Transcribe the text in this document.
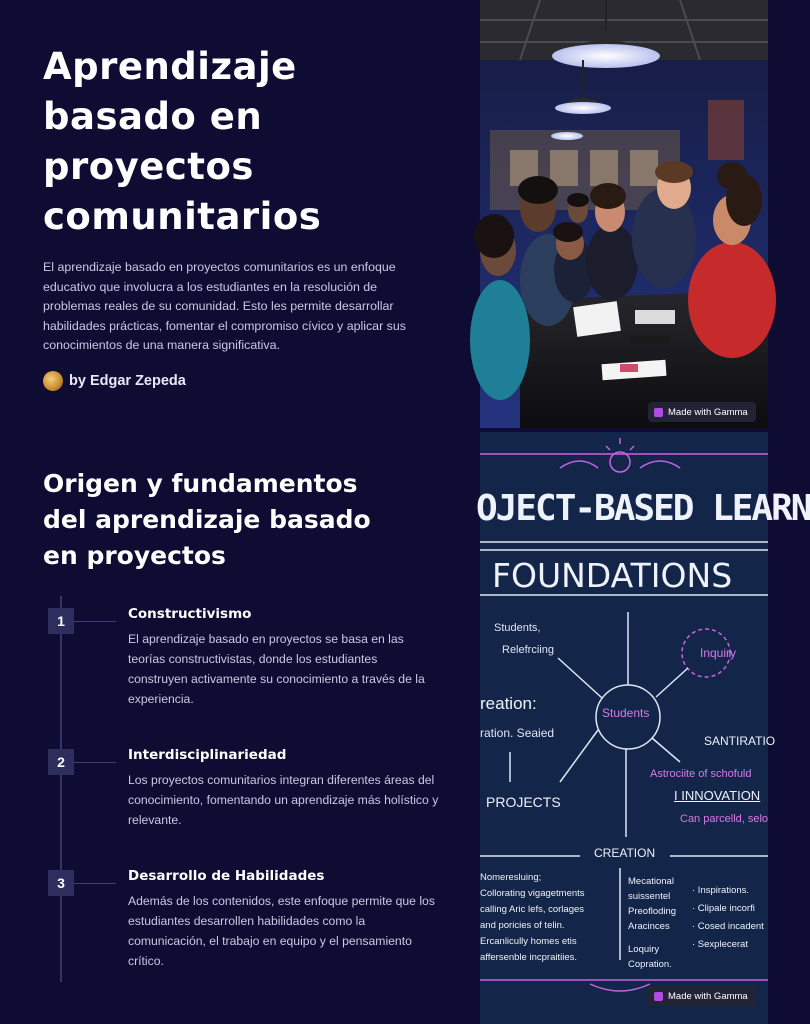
Aprendizaje
basado en
proyectos
comunitarios

El aprendizaje basado en proyectos comunitarios es un enfoque educativo que involucra a los estudiantes en la resolución de problemas reales de su comunidad. Esto les permite desarrollar habilidades prácticas, fomentar el compromiso cívico y aplicar sus conocimientos de una manera significativa.

by Edgar Zepeda
Origen y fundamentos
del aprendizaje basado
en proyectos
1	Constructivismo
El aprendizaje basado en proyectos se basa en las teorías constructivistas, donde los estudiantes construyen activamente su conocimiento a través de la experiencia.
2	Interdisciplinariedad
Los proyectos comunitarios integran diferentes áreas del conocimiento, fomentando un aprendizaje más holístico y relevante.
3	Desarrollo de Habilidades
Además de los contenidos, este enfoque permite que los estudiantes desarrollen habilidades como la comunicación, el trabajo en equipo y el pensamiento crítico.
Made with Gamma
OJECT-BASED LEARN
FOUNDATIONS
Students
Inquiry
Students,
Relefrciing
reation:
ration. Seaied
PROJECTS
SANTIRATIO
Astrociite of schofuld
I INNOVATION
Can parcelld, selo
CREATION
Nomeresluing;
Collorating vigagetments
calling Aric lefs, corlages
and poricies of telin.
Ercanlicully homes etis
affersenble incpraitiies.
Mecational
suissentel
Preofloding
Aracinces
Loquiry
Copration.
· Inspirations.
· Clipale incorfi
· Cosed incadent
· Sexplecerat
Made with Gamma
